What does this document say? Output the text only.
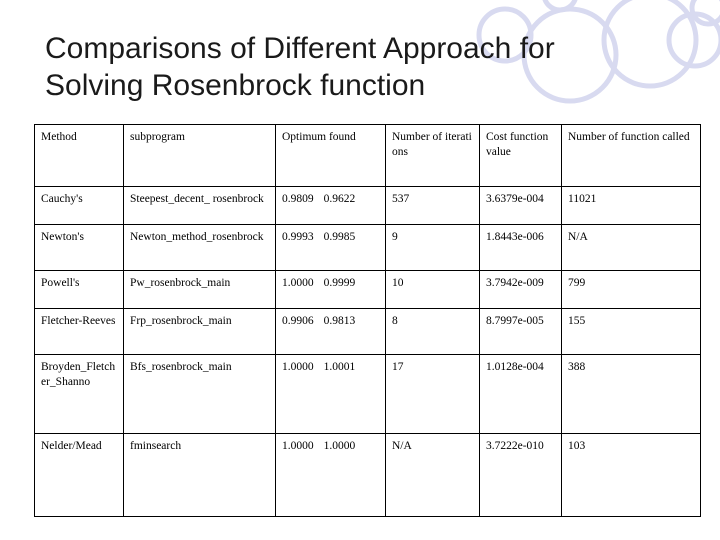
Comparisons of Different Approach for Solving Rosenbrock function
Method	subprogram	Optimum found	Number of iterations	Cost function value	Number of function called
Cauchy's	Steepest_decent_ rosenbrock	0.9809 0.9622	537	3.6379e-004	11021
Newton's	Newton_method_rosenbrock	0.9993 0.9985	9	1.8443e-006	N/A
Powell's	Pw_rosenbrock_main	1.0000 0.9999	10	3.7942e-009	799
Fletcher-Reeves	Frp_rosenbrock_main	0.9906 0.9813	8	8.7997e-005	155
Broyden_Fletcher_Shanno	Bfs_rosenbrock_main	1.0000 1.0001	17	1.0128e-004	388
Nelder/Mead	fminsearch	1.0000 1.0000	N/A	3.7222e-010	103
